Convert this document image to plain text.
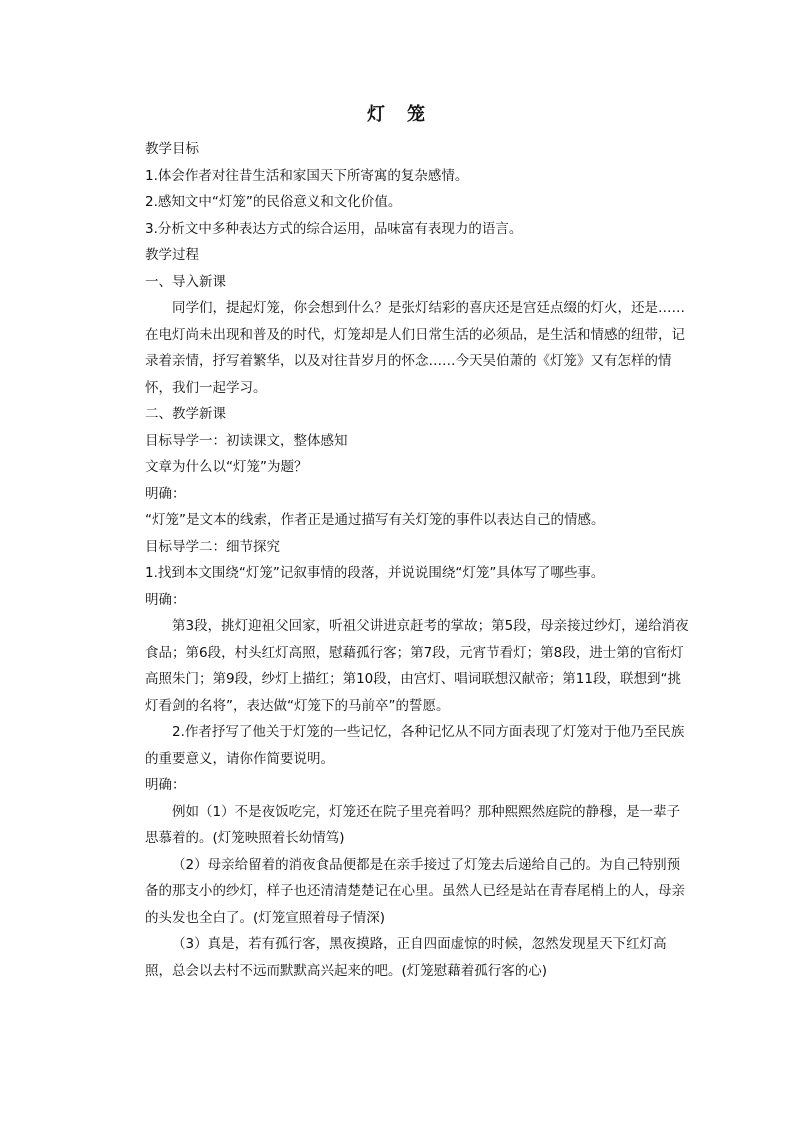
灯　笼

教学目标

1.体会作者对往昔生活和家国天下所寄寓的复杂感情。

2.感知文中“灯笼”的民俗意义和文化价值。

3.分析文中多种表达方式的综合运用，品味富有表现力的语言。

教学过程

一、导入新课

同学们，提起灯笼，你会想到什么？是张灯结彩的喜庆还是宫廷点缀的灯火，还是……在电灯尚未出现和普及的时代，灯笼却是人们日常生活的必须品，是生活和情感的纽带，记录着亲情，抒写着繁华，以及对往昔岁月的怀念……今天吴伯萧的《灯笼》又有怎样的情怀，我们一起学习。

二、教学新课

目标导学一：初读课文，整体感知

文章为什么以“灯笼”为题？

明确：

“灯笼”是文本的线索，作者正是通过描写有关灯笼的事件以表达自己的情感。

目标导学二：细节探究

1.找到本文围绕“灯笼”记叙事情的段落，并说说围绕“灯笼”具体写了哪些事。

明确：

第3段，挑灯迎祖父回家，听祖父讲进京赶考的掌故；第5段，母亲接过纱灯，递给消夜食品；第6段，村头红灯高照，慰藉孤行客；第7段，元宵节看灯；第8段，进士第的官衔灯高照朱门；第9段，纱灯上描红；第10段，由宫灯、唱词联想汉献帝；第11段，联想到“挑灯看剑的名将”，表达做“灯笼下的马前卒”的誓愿。

2.作者抒写了他关于灯笼的一些记忆，各种记忆从不同方面表现了灯笼对于他乃至民族的重要意义，请你作简要说明。

明确：

例如（1）不是夜饭吃完，灯笼还在院子里亮着吗？那种熙熙然庭院的静穆，是一辈子思慕着的。(灯笼映照着长幼情笃)

（2）母亲给留着的消夜食品便都是在亲手接过了灯笼去后递给自己的。为自己特别预备的那支小的纱灯，样子也还清清楚楚记在心里。虽然人已经是站在青春尾梢上的人，母亲的头发也全白了。(灯笼宣照着母子情深)

（3）真是，若有孤行客，黑夜摸路，正自四面虚惊的时候，忽然发现星天下红灯高照，总会以去村不远而默默高兴起来的吧。(灯笼慰藉着孤行客的心)
